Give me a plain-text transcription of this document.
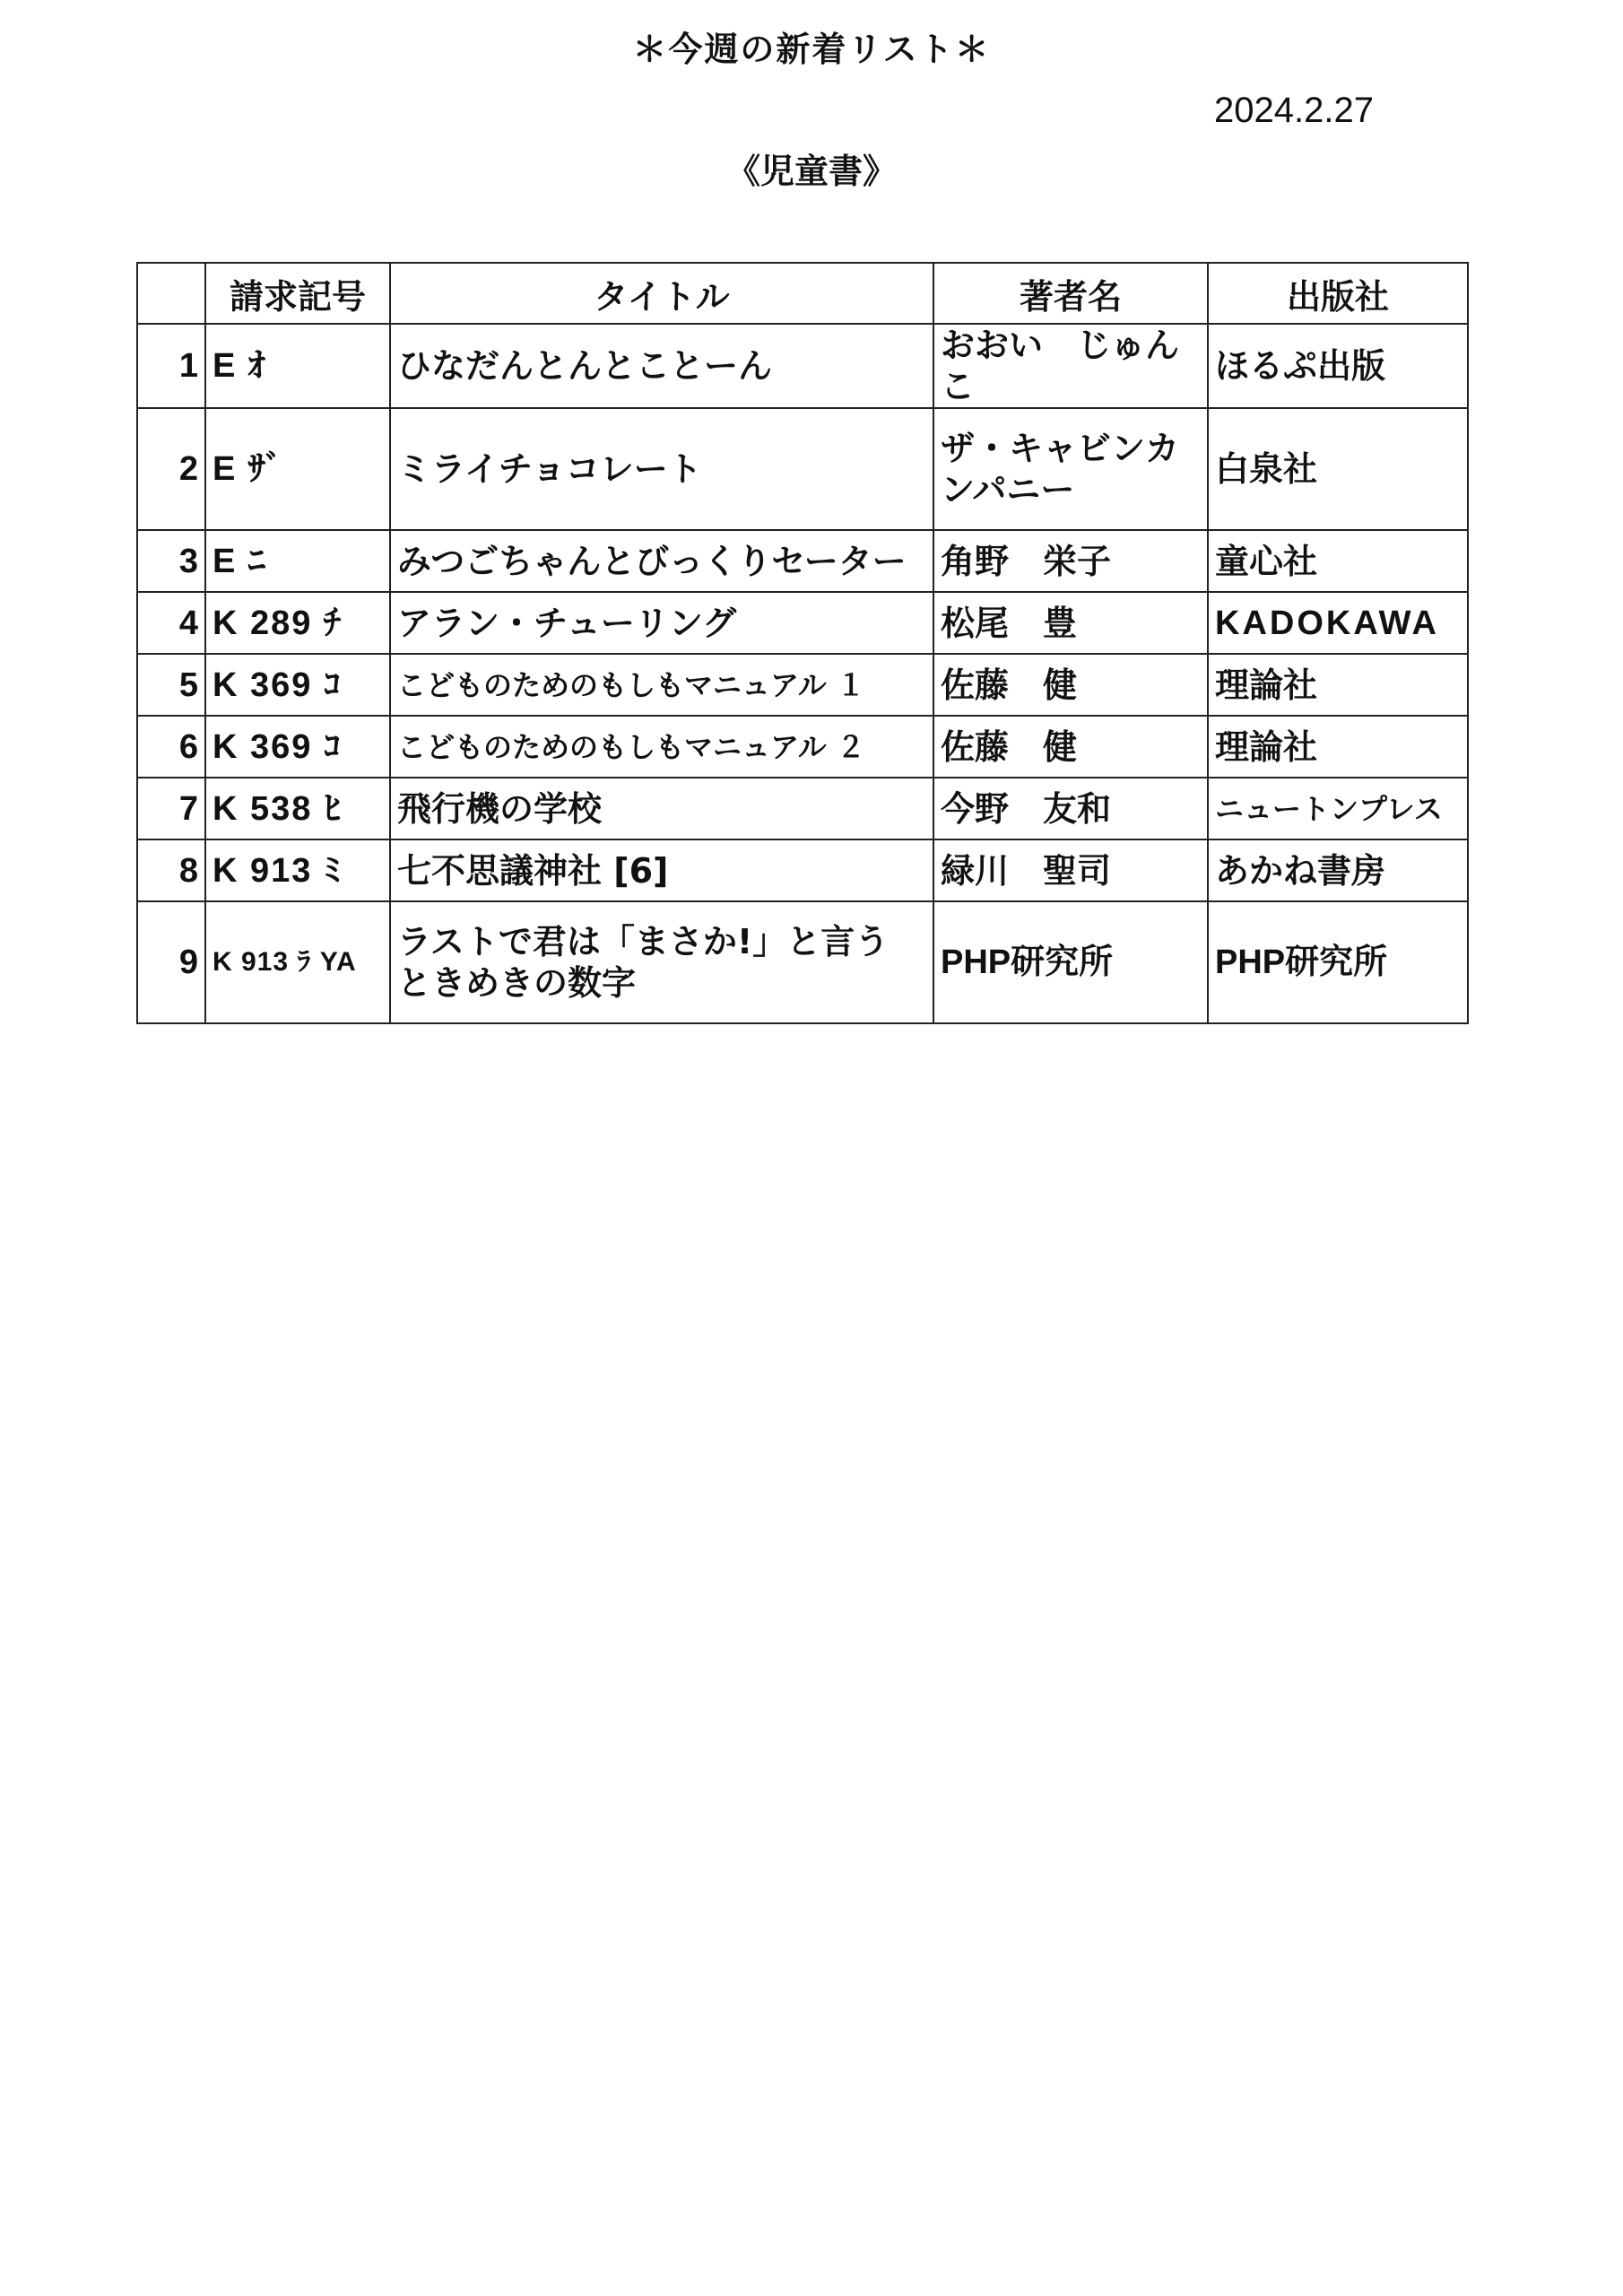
＊今週の新着リスト＊
2024.2.27
《児童書》
	請求記号	タイトル	著者名	出版社
1	E ｵ	ひなだんとんとことーん	おおい　じゅんこ	ほるぷ出版
2	E ｻﾞ	ミライチョコレート	ザ・キャビンカンパニー	白泉社
3	E ﾆ	みつごちゃんとびっくりセーター	角野　栄子	童心社
4	K 289 ﾁ	アラン・チューリング	松尾　豊	KADOKAWA
5	K 369 ｺ	こどものためのもしもマニュアル １	佐藤　健	理論社
6	K 369 ｺ	こどものためのもしもマニュアル ２	佐藤　健	理論社
7	K 538 ﾋ	飛行機の学校	今野　友和	ニュートンプレス
8	K 913 ﾐ	七不思議神社 [6]	緑川　聖司	あかね書房
9	K 913 ﾗ YA	ラストで君は「まさか!」と言う ときめきの数字	PHP研究所	PHP研究所
